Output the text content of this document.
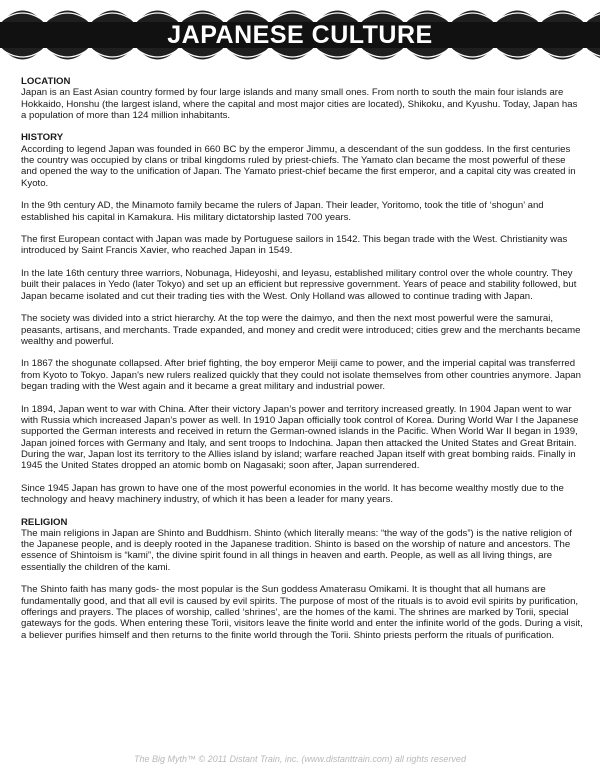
JAPANESE CULTURE
LOCATION

Japan is an East Asian country formed by four large islands and many small ones. From north to south the main four islands are Hokkaido, Honshu (the largest island, where the capital and most major cities are located), Shikoku, and Kyushu. Today, Japan has a population of more than 124 million inhabitants.

HISTORY

According to legend Japan was founded in 660 BC by the emperor Jimmu, a descendant of the sun goddess. In the first centuries the country was occupied by clans or tribal kingdoms ruled by priest-chiefs. The Yamato clan became the most powerful of these and opened the way to the unification of Japan. The Yamato priest-chief became the first emperor, and a capital city was created in Kyoto.

In the 9th century AD, the Minamoto family became the rulers of Japan. Their leader, Yoritomo, took the title of ‘shogun’ and established his capital in Kamakura. His military dictatorship lasted 700 years.

The first European contact with Japan was made by Portuguese sailors in 1542. This began trade with the West. Christianity was introduced by Saint Francis Xavier, who reached Japan in 1549.

In the late 16th century three warriors, Nobunaga, Hideyoshi, and Ieyasu, established military control over the whole country. They built their palaces in Yedo (later Tokyo) and set up an efficient but repressive government. Years of peace and stability followed, but Japan became isolated and cut their trading ties with the West. Only Holland was allowed to continue trading with Japan.

The society was divided into a strict hierarchy. At the top were the daimyo, and then the next most powerful were the samurai, peasants, artisans, and merchants. Trade expanded, and money and credit were introduced; cities grew and the merchants became wealthy and powerful.

In 1867 the shogunate collapsed. After brief fighting, the boy emperor Meiji came to power, and the imperial capital was transferred from Kyoto to Tokyo. Japan's new rulers realized quickly that they could not isolate themselves from other countries anymore. Japan began trading with the West again and it became a great military and industrial power.

In 1894, Japan went to war with China. After their victory Japan’s power and territory increased greatly. In 1904 Japan went to war with Russia which increased Japan’s power as well. In 1910 Japan officially took control of Korea. During World War I the Japanese supported the German interests and received in return the German-owned islands in the Pacific. When World War II began in 1939, Japan joined forces with Germany and Italy, and sent troops to Indochina. Japan then attacked the United States and Great Britain. During the war, Japan lost its territory to the Allies island by island; warfare reached Japan itself with great bombing raids. Finally in 1945 the United States dropped an atomic bomb on Nagasaki; soon after, Japan surrendered.

Since 1945 Japan has grown to have one of the most powerful economies in the world. It has become wealthy mostly due to the technology and heavy machinery industry, of which it has been a leader for many years.

RELIGION

The main religions in Japan are Shinto and Buddhism. Shinto (which literally means: “the way of the gods”) is the native religion of the Japanese people, and is deeply rooted in the Japanese tradition. Shinto is based on the worship of nature and ancestors. The essence of Shintoism is “kami”, the divine spirit found in all things in heaven and earth. People, as well as all living things, are essentially the children of the kami.

The Shinto faith has many gods- the most popular is the Sun goddess Amaterasu Omikami. It is thought that all humans are fundamentally good, and that all evil is caused by evil spirits. The purpose of most of the rituals is to avoid evil spirits by purification, offerings and prayers. The places of worship, called ‘shrines’, are the homes of the kami. The shrines are marked by Torii, special gateways for the gods. When entering these Torii, visitors leave the finite world and enter the infinite world of the gods. During a visit, a believer purifies himself and then returns to the finite world through the Torii. Shinto priests perform the rituals of purification.

The Big Myth™ © 2011 Distant Train, inc. (www.distanttrain.com) all rights reserved
